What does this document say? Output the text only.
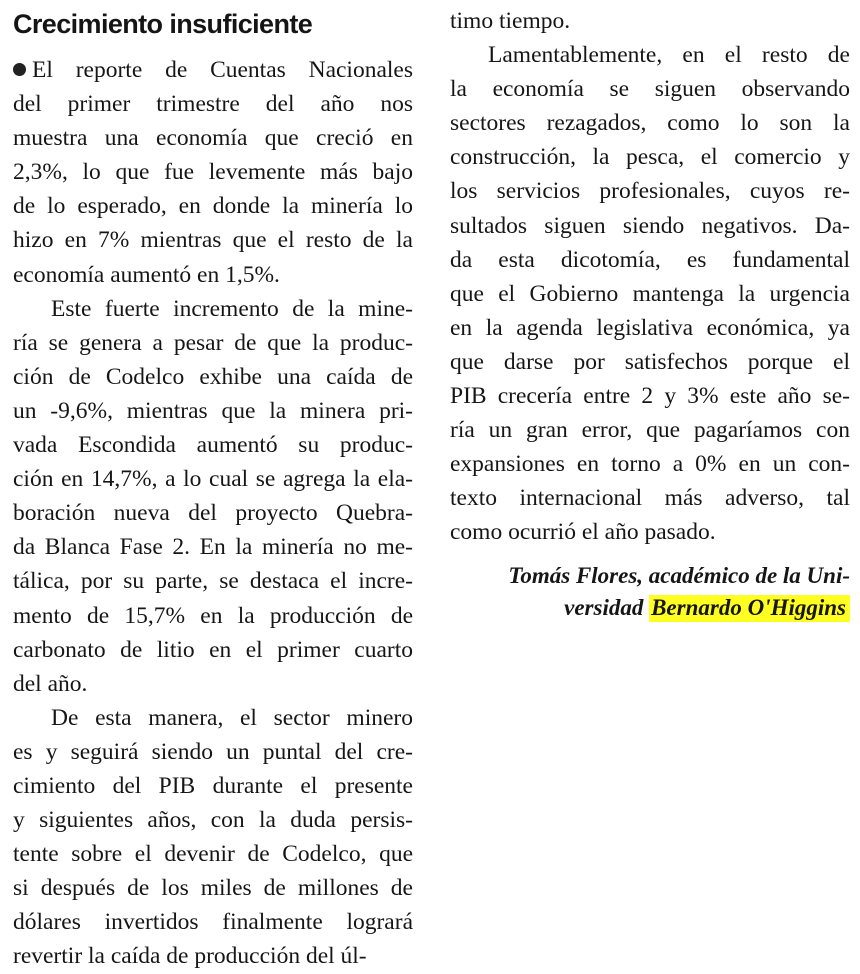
Crecimiento insuficiente
El reporte de Cuentas Nacionales
del primer trimestre del año nos
muestra una economía que creció en
2,3%, lo que fue levemente más bajo
de lo esperado, en donde la minería lo
hizo en 7% mientras que el resto de la
economía aumentó en 1,5%.
Este fuerte incremento de la mine-
ría se genera a pesar de que la produc-
ción de Codelco exhibe una caída de
un -9,6%, mientras que la minera pri-
vada Escondida aumentó su produc-
ción en 14,7%, a lo cual se agrega la ela-
boración nueva del proyecto Quebra-
da Blanca Fase 2. En la minería no me-
tálica, por su parte, se destaca el incre-
mento de 15,7% en la producción de
carbonato de litio en el primer cuarto
del año.
De esta manera, el sector minero
es y seguirá siendo un puntal del cre-
cimiento del PIB durante el presente
y siguientes años, con la duda persis-
tente sobre el devenir de Codelco, que
si después de los miles de millones de
dólares invertidos finalmente logrará
revertir la caída de producción del úl-
timo tiempo.
Lamentablemente, en el resto de
la economía se siguen observando
sectores rezagados, como lo son la
construcción, la pesca, el comercio y
los servicios profesionales, cuyos re-
sultados siguen siendo negativos. Da-
da esta dicotomía, es fundamental
que el Gobierno mantenga la urgencia
en la agenda legislativa económica, ya
que darse por satisfechos porque el
PIB crecería entre 2 y 3% este año se-
ría un gran error, que pagaríamos con
expansiones en torno a 0% en un con-
texto internacional más adverso, tal
como ocurrió el año pasado.
Tomás Flores, académico de la Uni-
versidad Bernardo O'Higgins
